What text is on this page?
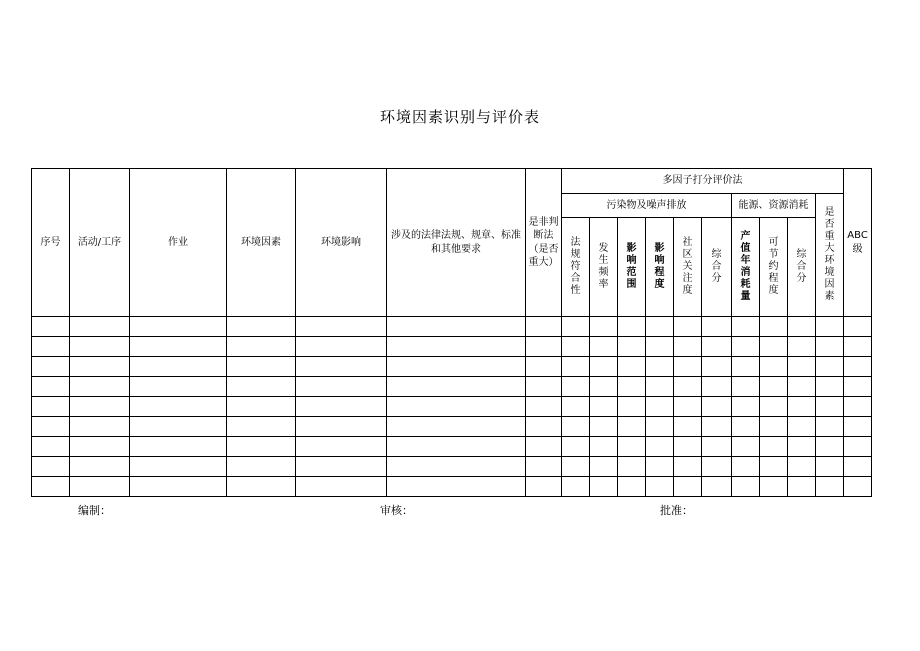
环境因素识别与评价表
序号	活动/工序	作业	环境因素	环境影响	涉及的法律法规、规章、标准和其他要求	是非判断法（是否重大）	多因子打分评价法										ABC级

							污染物及噪声排放						能源、资源消耗			是否重大环境因素	
							法规符合性	发生频率	影响范围	影响程度	社区关注度	综合分	产值年消耗量	可节约程度	综合分		

编制：	审核：	批准：
